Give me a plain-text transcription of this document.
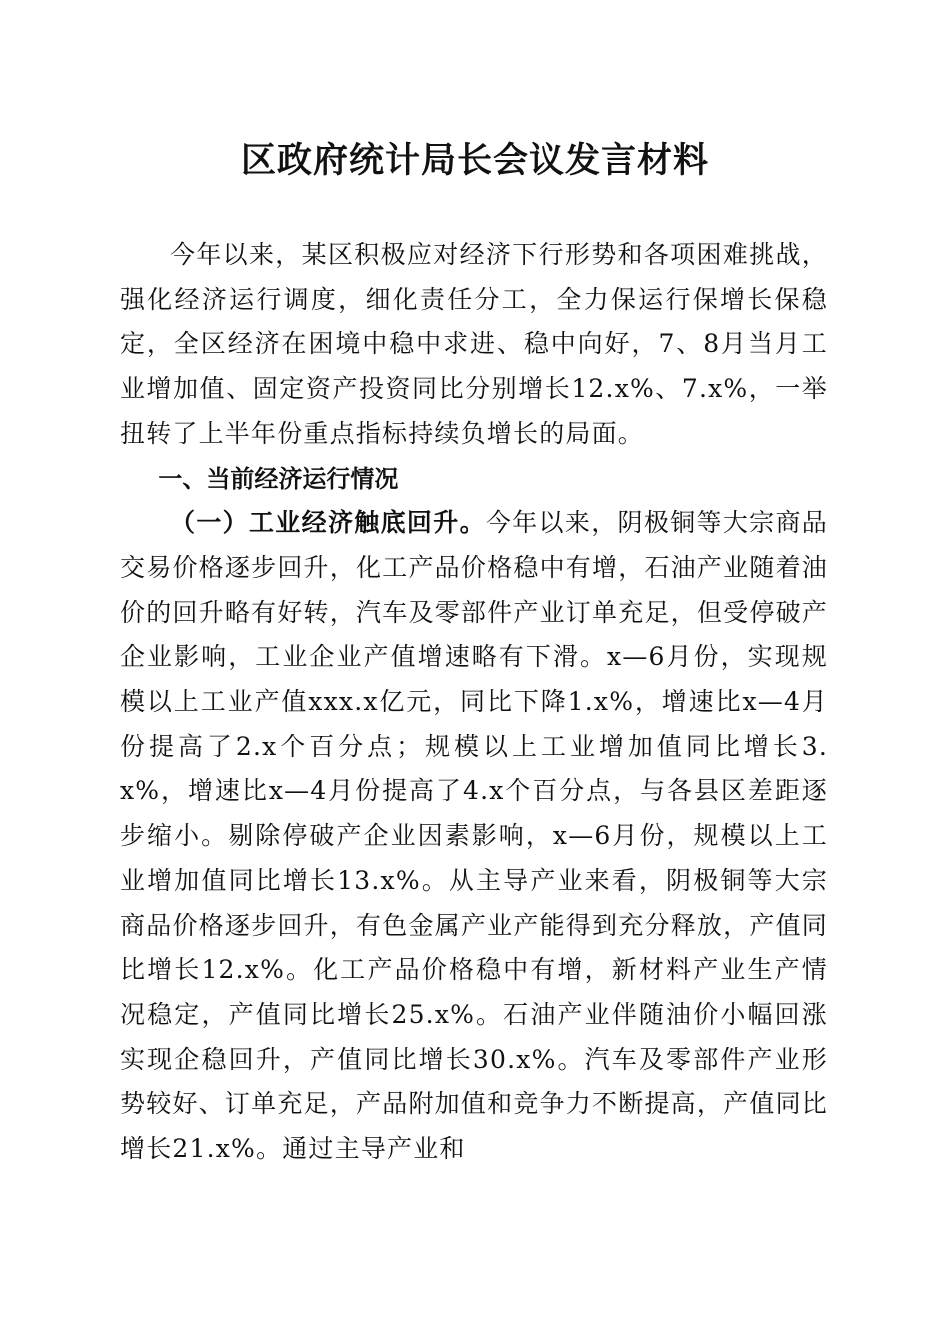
区政府统计局长会议发言材料

今年以来，某区积极应对经济下行形势和各项困难挑战，强化经济运行调度，细化责任分工，全力保运行保增长保稳定，全区经济在困境中稳中求进、稳中向好，7、8月当月工业增加值、固定资产投资同比分别增长12.x%、7.x%，一举扭转了上半年份重点指标持续负增长的局面。

一、当前经济运行情况

（一）工业经济触底回升。今年以来，阴极铜等大宗商品交易价格逐步回升，化工产品价格稳中有增，石油产业随着油价的回升略有好转，汽车及零部件产业订单充足，但受停破产企业影响，工业企业产值增速略有下滑。x—6月份，实现规模以上工业产值xxx.x亿元，同比下降1.x%，增速比x—4月份提高了2.x个百分点；规模以上工业增加值同比增长3.x%，增速比x—4月份提高了4.x个百分点，与各县区差距逐步缩小。剔除停破产企业因素影响，x—6月份，规模以上工业增加值同比增长13.x%。从主导产业来看，阴极铜等大宗商品价格逐步回升，有色金属产业产能得到充分释放，产值同比增长12.x%。化工产品价格稳中有增，新材料产业生产情况稳定，产值同比增长25.x%。石油产业伴随油价小幅回涨实现企稳回升，产值同比增长30.x%。汽车及零部件产业形势较好、订单充足，产品附加值和竞争力不断提高，产值同比增长21.x%。通过主导产业和
